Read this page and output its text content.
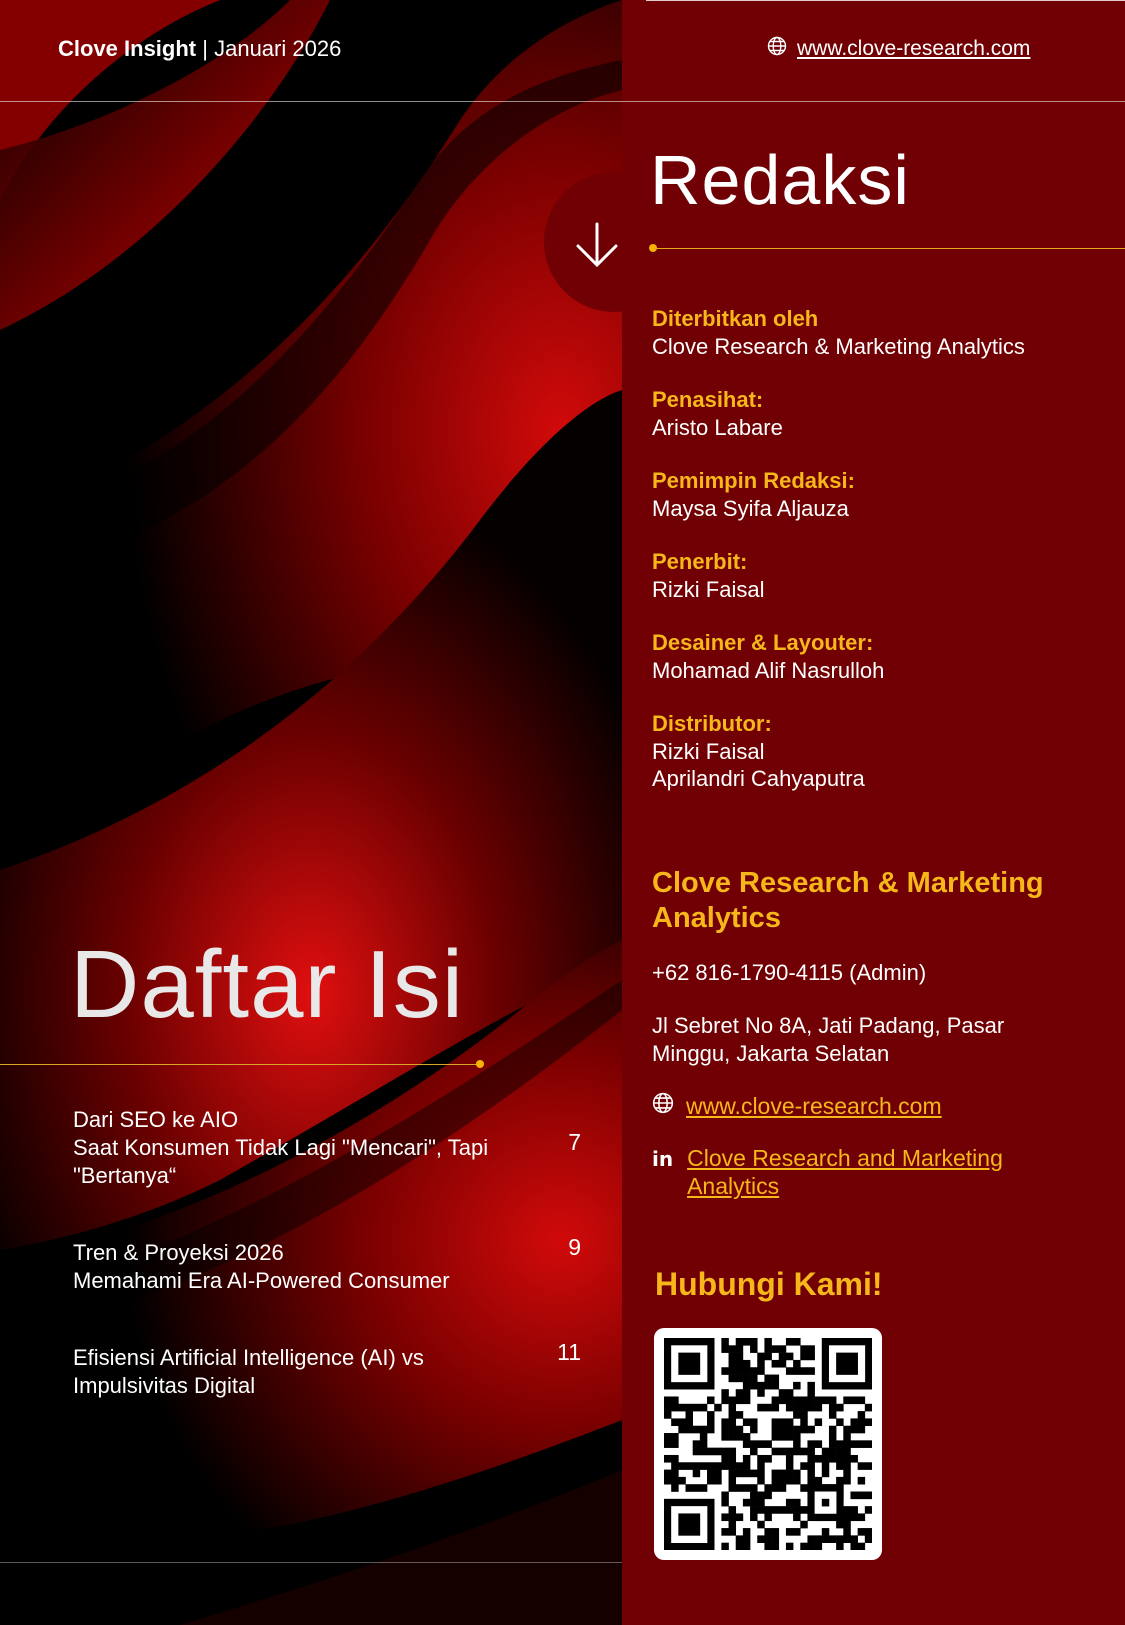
Clove Insight | Januari 2026	www.clove-research.com
Redaksi
Diterbitkan oleh
Clove Research & Marketing Analytics
Penasihat:
Aristo Labare
Pemimpin Redaksi:
Maysa Syifa Aljauza
Penerbit:
Rizki Faisal
Desainer & Layouter:
Mohamad Alif Nasrulloh
Distributor:
Rizki Faisal
Aprilandri Cahyaputra
Clove Research & Marketing Analytics
+62 816-1790-4115 (Admin)
Jl Sebret No 8A, Jati Padang, Pasar Minggu, Jakarta Selatan
www.clove-research.com
in Clove Research and Marketing Analytics
Hubungi Kami!
Daftar Isi
Dari SEO ke AIO
Saat Konsumen Tidak Lagi "Mencari", Tapi "Bertanya“
7
Tren & Proyeksi 2026
Memahami Era AI-Powered Consumer
9
Efisiensi Artificial Intelligence (AI) vs Impulsivitas Digital
11
